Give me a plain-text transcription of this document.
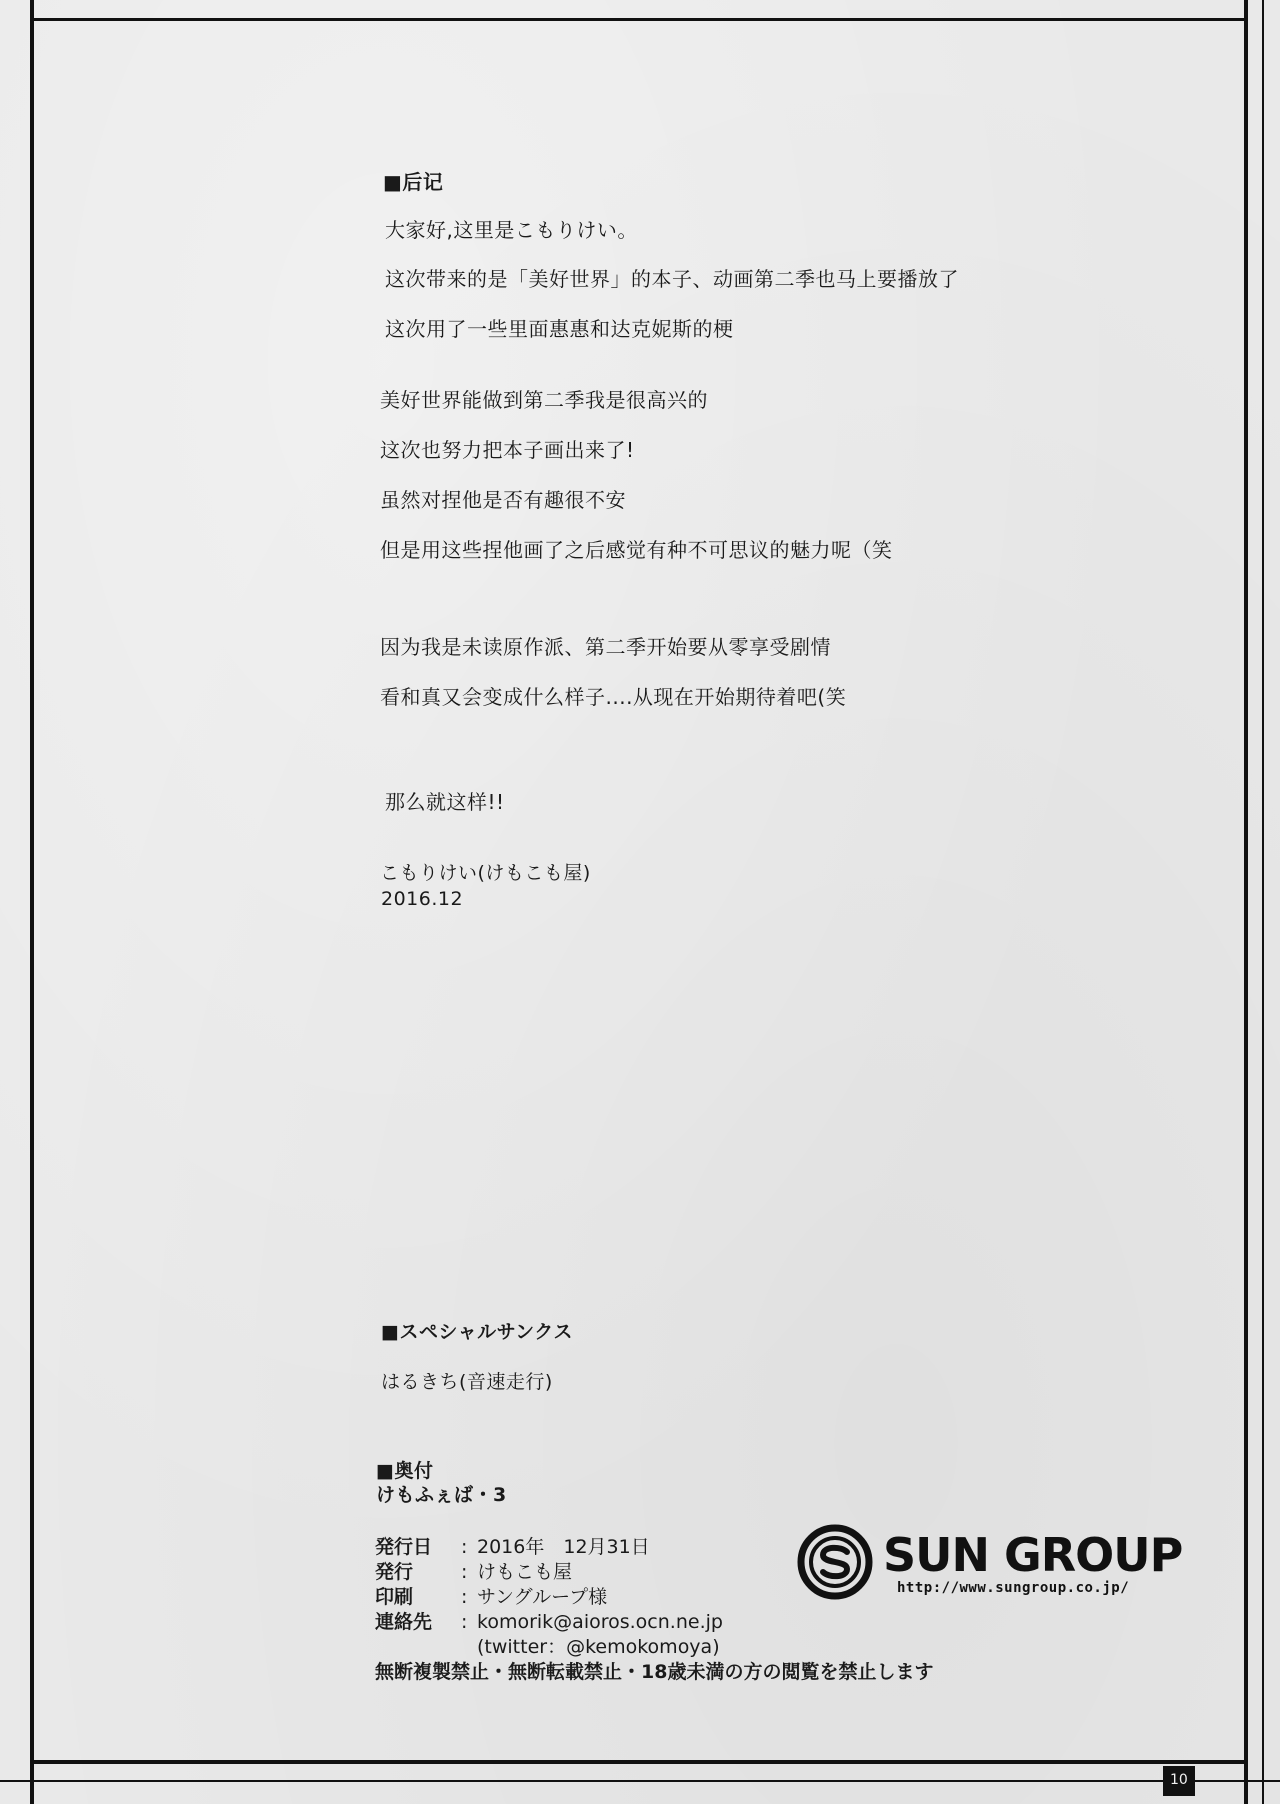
■后记
大家好,这里是こもりけい。
这次带来的是「美好世界」的本子、动画第二季也马上要播放了
这次用了一些里面惠惠和达克妮斯的梗
美好世界能做到第二季我是很高兴的
这次也努力把本子画出来了!
虽然对捏他是否有趣很不安
但是用这些捏他画了之后感觉有种不可思议的魅力呢（笑
因为我是未读原作派、第二季开始要从零享受剧情
看和真又会变成什么样子....从现在开始期待着吧(笑
那么就这样!!
こもりけい(けもこも屋)
2016.12
■スペシャルサンクス
はるきち(音速走行)
■奥付
けもふぇば・3
発行日	: 2016年　12月31日
発行	: けもこも屋
印刷	: サングループ様
連絡先	: komorik@aioros.ocn.ne.jp
(twitter：@kemokomoya)
無断複製禁止・無断転載禁止・18歳未満の方の閲覧を禁止します
SUN GROUP
http://www.sungroup.co.jp/
10
